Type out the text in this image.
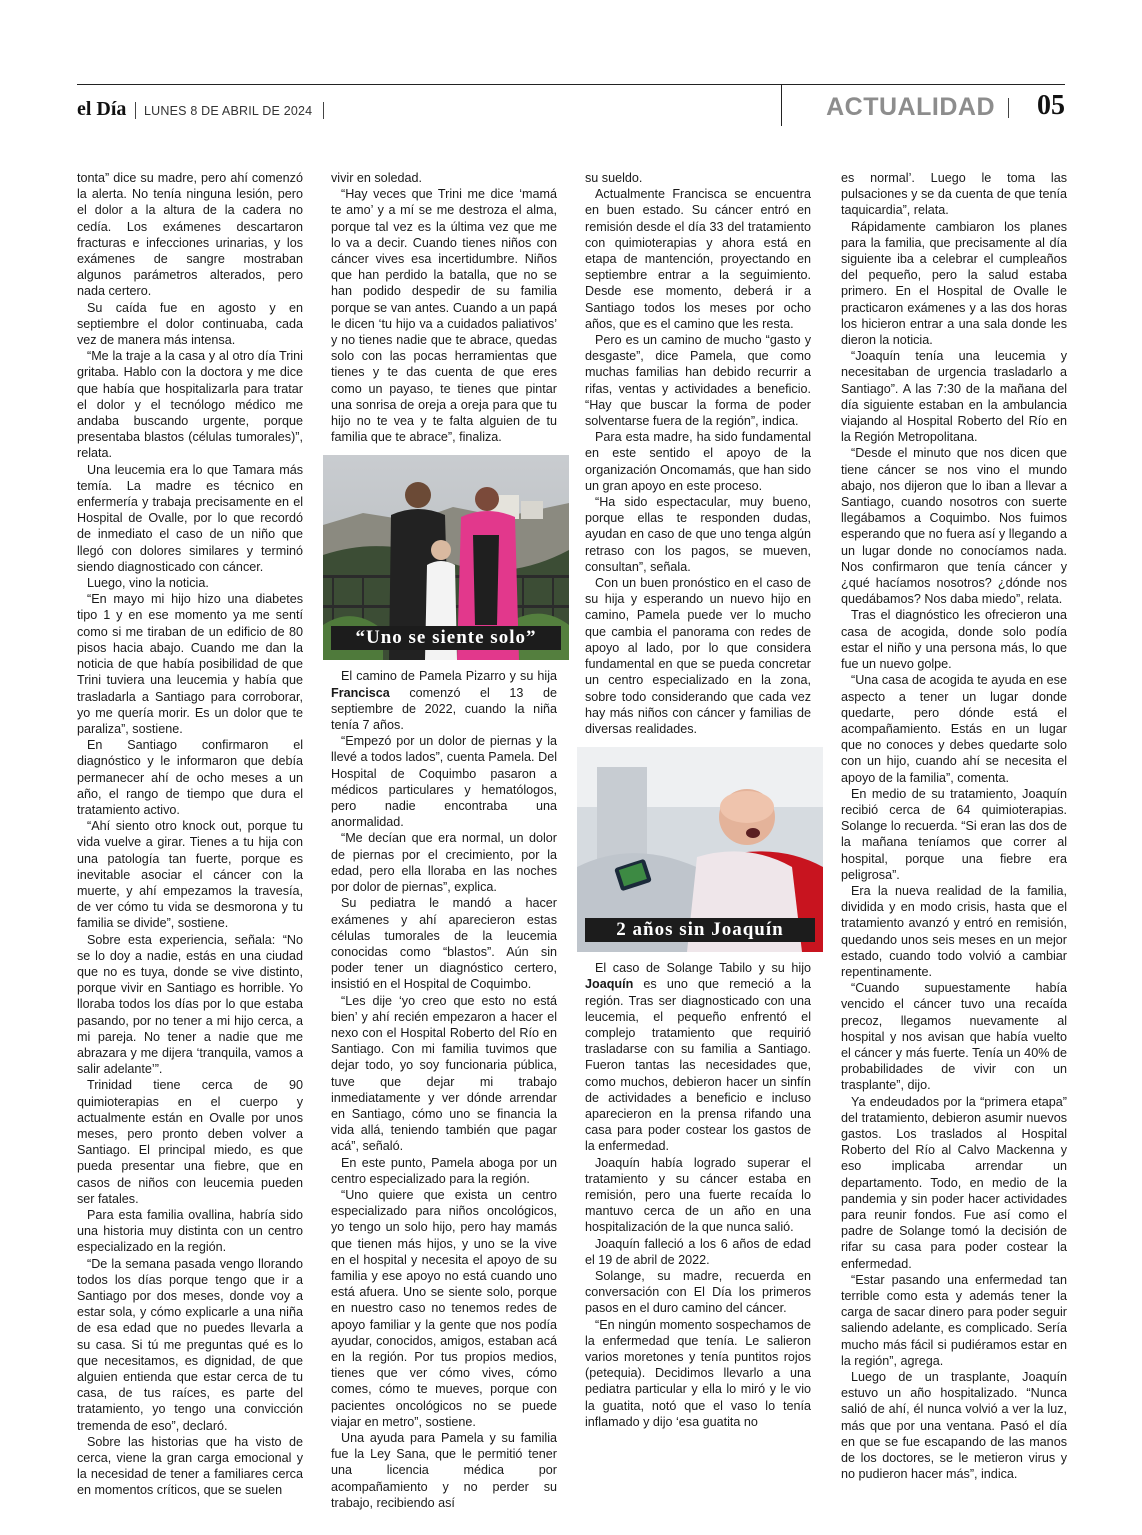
el Día LUNES 8 DE ABRIL DE 2024	ACTUALIDAD 05

tonta” dice su madre, pero ahí comenzó la alerta. No tenía ninguna lesión, pero el dolor a la altura de la cadera no cedía. Los exámenes descartaron fracturas e infecciones urinarias, y los exámenes de sangre mostraban algunos parámetros alterados, pero nada certero.

Su caída fue en agosto y en septiembre el dolor continuaba, cada vez de manera más intensa.

“Me la traje a la casa y al otro día Trini gritaba. Hablo con la doctora y me dice que había que hospitalizarla para tratar el dolor y el tecnólogo médico me andaba buscando urgente, porque presentaba blastos (células tumorales)”, relata.

Una leucemia era lo que Tamara más temía. La madre es técnico en enfermería y trabaja precisamente en el Hospital de Ovalle, por lo que recordó de inmediato el caso de un niño que llegó con dolores similares y terminó siendo diagnosticado con cáncer.

Luego, vino la noticia.

“En mayo mi hijo hizo una diabetes tipo 1 y en ese momento ya me sentí como si me tiraban de un edificio de 80 pisos hacia abajo. Cuando me dan la noticia de que había posibilidad de que Trini tuviera una leucemia y había que trasladarla a Santiago para corroborar, yo me quería morir. Es un dolor que te paraliza”, sostiene.

En Santiago confirmaron el diagnóstico y le informaron que debía permanecer ahí de ocho meses a un año, el rango de tiempo que dura el tratamiento activo.

“Ahí siento otro knock out, porque tu vida vuelve a girar. Tienes a tu hija con una patología tan fuerte, porque es inevitable asociar el cáncer con la muerte, y ahí empezamos la travesía, de ver cómo tu vida se desmorona y tu familia se divide”, sostiene.

Sobre esta experiencia, señala: “No se lo doy a nadie, estás en una ciudad que no es tuya, donde se vive distinto, porque vivir en Santiago es horrible. Yo lloraba todos los días por lo que estaba pasando, por no tener a mi hijo cerca, a mi pareja. No tener a nadie que me abrazara y me dijera ‘tranquila, vamos a salir adelante’”.

Trinidad tiene cerca de 90 quimioterapias en el cuerpo y actualmente están en Ovalle por unos meses, pero pronto deben volver a Santiago. El principal miedo, es que pueda presentar una fiebre, que en casos de niños con leucemia pueden ser fatales.

Para esta familia ovallina, habría sido una historia muy distinta con un centro especializado en la región.

“De la semana pasada vengo llorando todos los días porque tengo que ir a Santiago por dos meses, donde voy a estar sola, y cómo explicarle a una niña de esa edad que no puedes llevarla a su casa. Si tú me preguntas qué es lo que necesitamos, es dignidad, de que alguien entienda que estar cerca de tu casa, de tus raíces, es parte del tratamiento, yo tengo una convicción tremenda de eso”, declaró.

Sobre las historias que ha visto de cerca, viene la gran carga emocional y la necesidad de tener a familiares cerca en momentos críticos, que se suelen

vivir en soledad.

“Hay veces que Trini me dice ‘mamá te amo’ y a mí se me destroza el alma, porque tal vez es la última vez que me lo va a decir. Cuando tienes niños con cáncer vives esa incertidumbre. Niños que han perdido la batalla, que no se han podido despedir de su familia porque se van antes. Cuando a un papá le dicen ‘tu hijo va a cuidados paliativos’ y no tienes nadie que te abrace, quedas solo con las pocas herramientas que tienes y te das cuenta de que eres como un payaso, te tienes que pintar una sonrisa de oreja a oreja para que tu hijo no te vea y te falta alguien de tu familia que te abrace”, finaliza.

“Uno se siente solo”

El camino de Pamela Pizarro y su hija Francisca comenzó el 13 de septiembre de 2022, cuando la niña tenía 7 años.

“Empezó por un dolor de piernas y la llevé a todos lados”, cuenta Pamela. Del Hospital de Coquimbo pasaron a médicos particulares y hematólogos, pero nadie encontraba una anormalidad.

“Me decían que era normal, un dolor de piernas por el crecimiento, por la edad, pero ella lloraba en las noches por dolor de piernas”, explica.

Su pediatra le mandó a hacer exámenes y ahí aparecieron estas células tumorales de la leucemia conocidas como “blastos”. Aún sin poder tener un diagnóstico certero, insistió en el Hospital de Coquimbo.

“Les dije ‘yo creo que esto no está bien’ y ahí recién empezaron a hacer el nexo con el Hospital Roberto del Río en Santiago. Con mi familia tuvimos que dejar todo, yo soy funcionaria pública, tuve que dejar mi trabajo inmediatamente y ver dónde arrendar en Santiago, cómo uno se financia la vida allá, teniendo también que pagar acá”, señaló.

En este punto, Pamela aboga por un centro especializado para la región.

“Uno quiere que exista un centro especializado para niños oncológicos, yo tengo un solo hijo, pero hay mamás que tienen más hijos, y uno se la vive en el hospital y necesita el apoyo de su familia y ese apoyo no está cuando uno está afuera. Uno se siente solo, porque en nuestro caso no tenemos redes de apoyo familiar y la gente que nos podía ayudar, conocidos, amigos, estaban acá en la región. Por tus propios medios, tienes que ver cómo vives, cómo comes, cómo te mueves, porque con pacientes oncológicos no se puede viajar en metro”, sostiene.

Una ayuda para Pamela y su familia fue la Ley Sana, que le permitió tener una licencia médica por acompañamiento y no perder su trabajo, recibiendo así

su sueldo.

Actualmente Francisca se encuentra en buen estado. Su cáncer entró en remisión desde el día 33 del tratamiento con quimioterapias y ahora está en etapa de mantención, proyectando en septiembre entrar a la seguimiento. Desde ese momento, deberá ir a Santiago todos los meses por ocho años, que es el camino que les resta.

Pero es un camino de mucho “gasto y desgaste”, dice Pamela, que como muchas familias han debido recurrir a rifas, ventas y actividades a beneficio. “Hay que buscar la forma de poder solventarse fuera de la región”, indica.

Para esta madre, ha sido fundamental en este sentido el apoyo de la organización Oncomamás, que han sido un gran apoyo en este proceso.

“Ha sido espectacular, muy bueno, porque ellas te responden dudas, ayudan en caso de que uno tenga algún retraso con los pagos, se mueven, consultan”, señala.

Con un buen pronóstico en el caso de su hija y esperando un nuevo hijo en camino, Pamela puede ver lo mucho que cambia el panorama con redes de apoyo al lado, por lo que considera fundamental en que se pueda concretar un centro especializado en la zona, sobre todo considerando que cada vez hay más niños con cáncer y familias de diversas realidades.

2 años sin Joaquín

El caso de Solange Tabilo y su hijo Joaquín es uno que remeció a la región. Tras ser diagnosticado con una leucemia, el pequeño enfrentó el complejo tratamiento que requirió trasladarse con su familia a Santiago. Fueron tantas las necesidades que, como muchos, debieron hacer un sinfín de actividades a beneficio e incluso aparecieron en la prensa rifando una casa para poder costear los gastos de la enfermedad.

Joaquín había logrado superar el tratamiento y su cáncer estaba en remisión, pero una fuerte recaída lo mantuvo cerca de un año en una hospitalización de la que nunca salió.

Joaquín falleció a los 6 años de edad el 19 de abril de 2022.

Solange, su madre, recuerda en conversación con El Día los primeros pasos en el duro camino del cáncer.

“En ningún momento sospechamos de la enfermedad que tenía. Le salieron varios moretones y tenía puntitos rojos (petequia). Decidimos llevarlo a una pediatra particular y ella lo miró y le vio la guatita, notó que el vaso lo tenía inflamado y dijo ‘esa guatita no

es normal’. Luego le toma las pulsaciones y se da cuenta de que tenía taquicardia”, relata.

Rápidamente cambiaron los planes para la familia, que precisamente al día siguiente iba a celebrar el cumpleaños del pequeño, pero la salud estaba primero. En el Hospital de Ovalle le practicaron exámenes y a las dos horas los hicieron entrar a una sala donde les dieron la noticia.

“Joaquín tenía una leucemia y necesitaban de urgencia trasladarlo a Santiago”. A las 7:30 de la mañana del día siguiente estaban en la ambulancia viajando al Hospital Roberto del Río en la Región Metropolitana.

“Desde el minuto que nos dicen que tiene cáncer se nos vino el mundo abajo, nos dijeron que lo iban a llevar a Santiago, cuando nosotros con suerte llegábamos a Coquimbo. Nos fuimos esperando que no fuera así y llegando a un lugar donde no conocíamos nada. Nos confirmaron que tenía cáncer y ¿qué hacíamos nosotros? ¿dónde nos quedábamos? Nos daba miedo”, relata.

Tras el diagnóstico les ofrecieron una casa de acogida, donde solo podía estar el niño y una persona más, lo que fue un nuevo golpe.

“Una casa de acogida te ayuda en ese aspecto a tener un lugar donde quedarte, pero dónde está el acompañamiento. Estás en un lugar que no conoces y debes quedarte solo con un hijo, cuando ahí se necesita el apoyo de la familia”, comenta.

En medio de su tratamiento, Joaquín recibió cerca de 64 quimioterapias. Solange lo recuerda. “Si eran las dos de la mañana teníamos que correr al hospital, porque una fiebre era peligrosa”.

Era la nueva realidad de la familia, dividida y en modo crisis, hasta que el tratamiento avanzó y entró en remisión, quedando unos seis meses en un mejor estado, cuando todo volvió a cambiar repentinamente.

“Cuando supuestamente había vencido el cáncer tuvo una recaída precoz, llegamos nuevamente al hospital y nos avisan que había vuelto el cáncer y más fuerte. Tenía un 40% de probabilidades de vivir con un trasplante”, dijo.

Ya endeudados por la “primera etapa” del tratamiento, debieron asumir nuevos gastos. Los traslados al Hospital Roberto del Río al Calvo Mackenna y eso implicaba arrendar un departamento. Todo, en medio de la pandemia y sin poder hacer actividades para reunir fondos. Fue así como el padre de Solange tomó la decisión de rifar su casa para poder costear la enfermedad.

“Estar pasando una enfermedad tan terrible como esta y además tener la carga de sacar dinero para poder seguir saliendo adelante, es complicado. Sería mucho más fácil si pudiéramos estar en la región”, agrega.

Luego de un trasplante, Joaquín estuvo un año hospitalizado. “Nunca salió de ahí, él nunca volvió a ver la luz, más que por una ventana. Pasó el día en que se fue escapando de las manos de los doctores, se le metieron virus y no pudieron hacer más”, indica.
